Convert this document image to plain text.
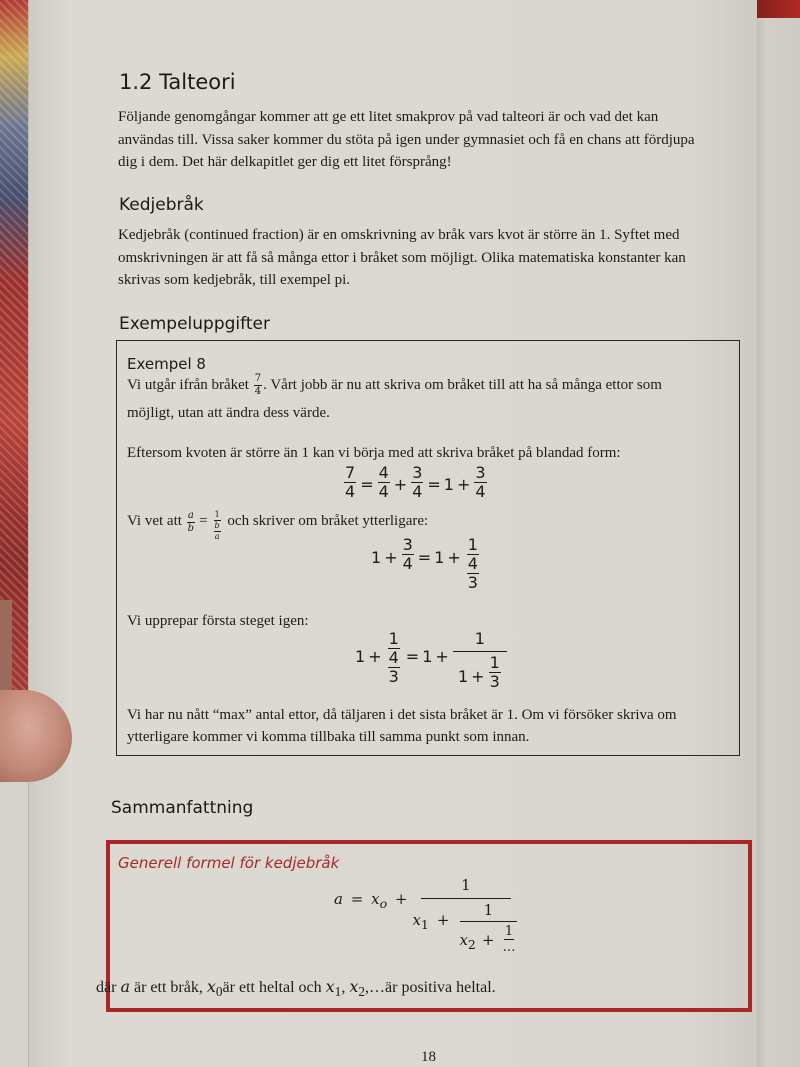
1.2 Talteori

Följande genomgångar kommer att ge ett litet smakprov på vad talteori är och vad det kan
användas till. Vissa saker kommer du stöta på igen under gymnasiet och få en chans att fördjupa
dig i dem. Det här delkapitlet ger dig ett litet försprång!

Kedjebråk

Kedjebråk (continued fraction) är en omskrivning av bråk vars kvot är större än 1. Syftet med
omskrivningen är att få så många ettor i bråket som möjligt. Olika matematiska konstanter kan
skrivas som kedjebråk, till exempel pi.

Exempeluppgifter
Exempel 8
Vi utgår ifrån bråket $\frac{7}{4}$ . Vårt jobb är nu att skriva om bråket till att ha så många ettor som
möjligt, utan att ändra dess värde.
Eftersom kvoten är större än 1 kan vi börja med att skriva bråket på blandad form:
$\frac{7}{4} = \frac{4}{4} + \frac{3}{4} = 1 + \frac{3}{4}$
Vi vet att
$\frac{a}{b} = \frac{1}{\frac{b}{a}}$
och skriver om bråket ytterligare:
$1 + \frac{3}{4} = 1 + \frac{1}{\frac{4}{3}}$
Vi upprepar första steget igen:
$1 + \frac{1}{\frac{4}{3}} = 1 + \frac{1}{1 + \frac{1}{3}}$
Vi har nu nått “max” antal ettor, då täljaren i det sista bråket är 1. Om vi försöker skriva om
ytterligare kommer vi komma tillbaka till samma punkt som innan.
Sammanfattning
Generell formel för kedjebråk
$a = x_o$ +
1
$x_1 + \frac{1}{x_2 + \frac{1}{\dots}}$
där a är ett bråk, $x_0är$ ett heltal och $x_1$, $x_2,\dots är$ positiva heltal.
18
